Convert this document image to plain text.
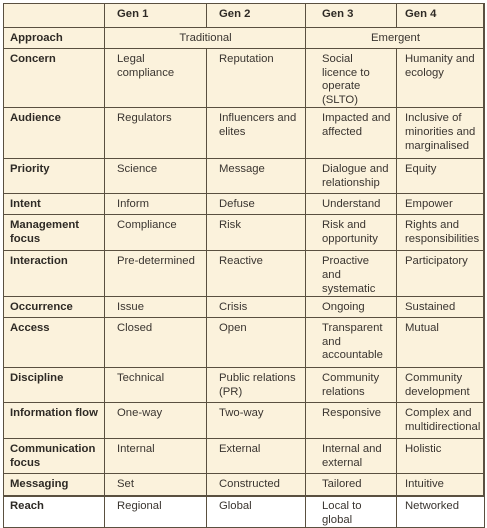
	Gen 1	Gen 2	Gen 3	Gen 4
Approach	Traditional		Emergent	
Concern	Legal compliance	Reputation	Social licence to operate (SLTO)	Humanity and ecology
Audience	Regulators	Influencers and elites	Impacted and affected	Inclusive of minorities and marginalised
Priority	Science	Message	Dialogue and relationship	Equity
Intent	Inform	Defuse	Understand	Empower
Management focus	Compliance	Risk	Risk and opportunity	Rights and responsibilities
Interaction	Pre-determined	Reactive	Proactive and systematic	Participatory
Occurrence	Issue	Crisis	Ongoing	Sustained
Access	Closed	Open	Transparent and accountable	Mutual
Discipline	Technical	Public relations (PR)	Community relations	Community development
Information flow	One-way	Two-way	Responsive	Complex and multidirectional
Communication focus	Internal	External	Internal and external	Holistic
Messaging	Set	Constructed	Tailored	Intuitive
Reach	Regional	Global	Local to global	Networked
